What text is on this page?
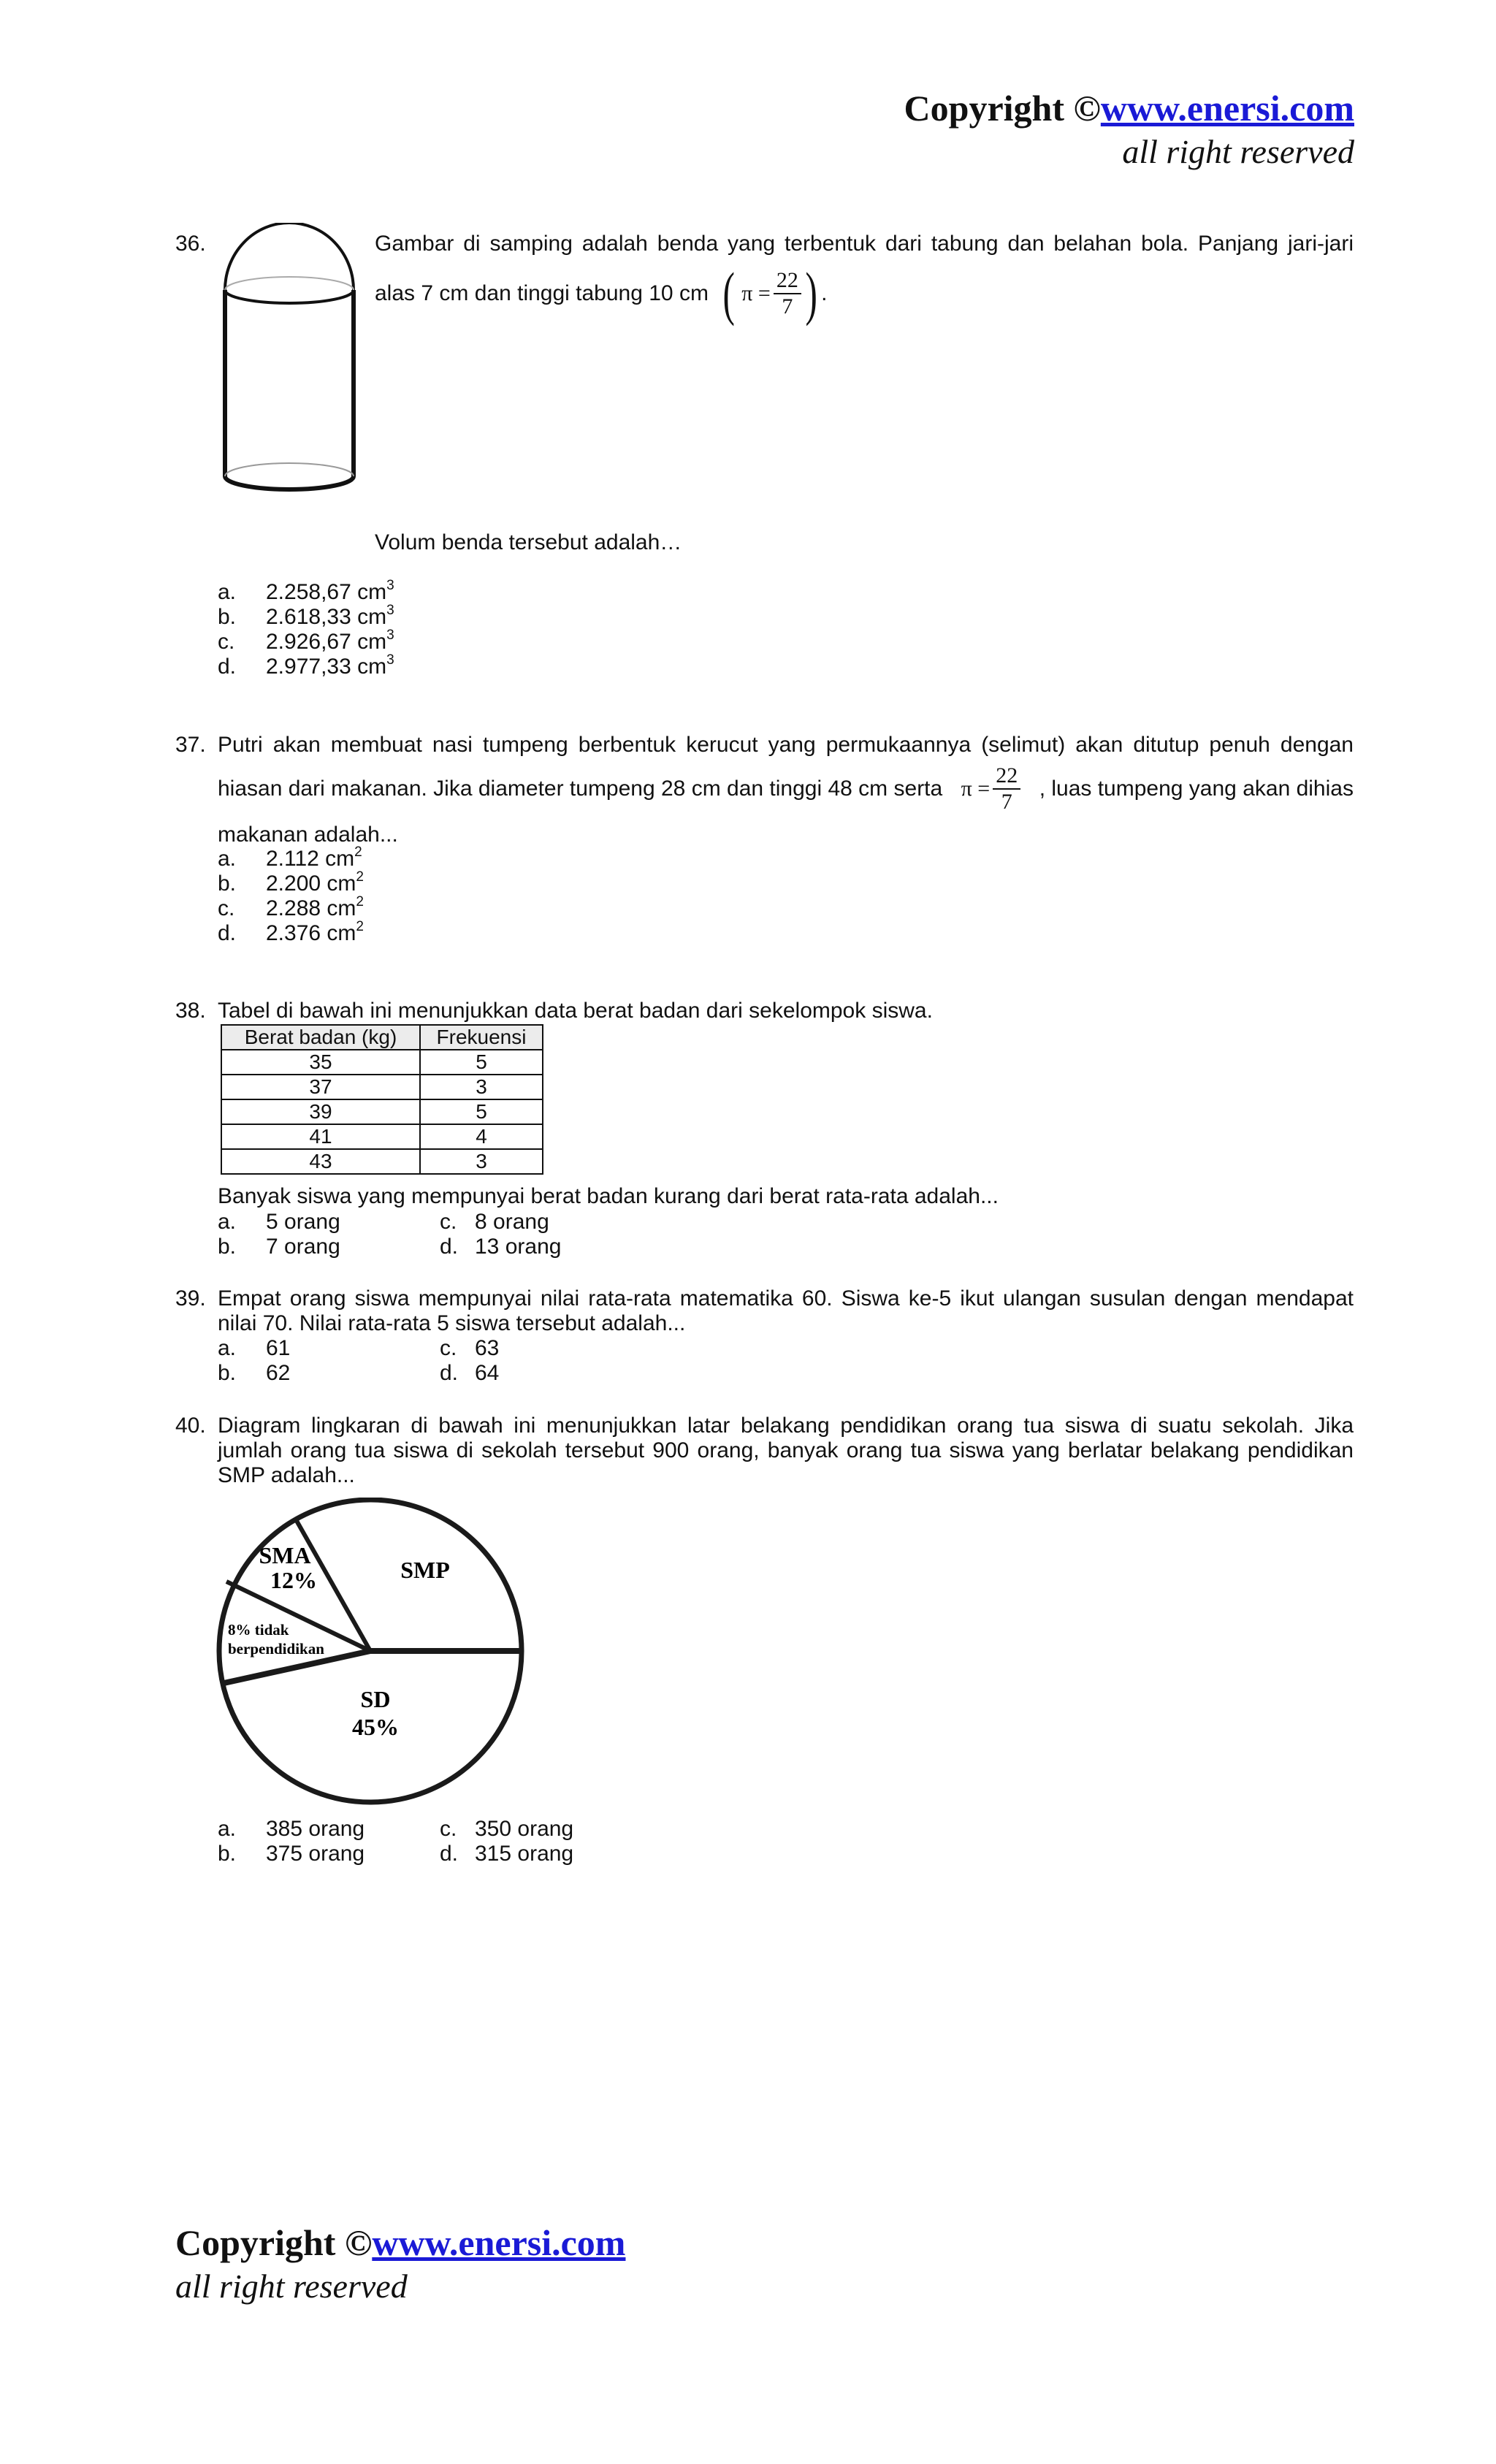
Copyright ©www.enersi.com
all right reserved
36.	Gambar di samping adalah benda yang terbentuk dari tabung dan belahan bola. Panjang jari-jari
alas 7 cm dan tinggi tabung 10 cm ( $\pi = \frac{22}{7}$ ) .
Volum benda tersebut adalah…
a. 2.258,67 $cm^3$
b. 2.618,33 $cm^3$
c. 2.926,67 $cm^3$
d. 2.977,33 $cm^3$
37. Putri akan membuat nasi tumpeng berbentuk kerucut yang permukaannya (selimut) akan ditutup penuh dengan
hiasan dari makanan. Jika diameter tumpeng 28 cm dan tinggi 48 cm serta $\pi = \frac{22}{7}$ , luas tumpeng yang akan dihias
makanan adalah...
a. 2.112 $cm^2$
b. 2.200 $cm^2$
c. 2.288 $cm^2$
d. 2.376 $cm^2$
38. Tabel di bawah ini menunjukkan data berat badan dari sekelompok siswa.
Berat badan (kg)	Frekuensi
35	5
37	3
39	5
41	4
43	3
Banyak siswa yang mempunyai berat badan kurang dari berat rata-rata adalah...
a. 5 orang
b. 7 orang
c. 8 orang
d. 13 orang
39. Empat orang siswa mempunyai nilai rata-rata matematika 60. Siswa ke-5 ikut ulangan susulan dengan mendapat
nilai 70. Nilai rata-rata 5 siswa tersebut adalah...
a. 61
b. 62
c. 63
d. 64
40. Diagram lingkaran di bawah ini menunjukkan latar belakang pendidikan orang tua siswa di suatu sekolah. Jika
jumlah orang tua siswa di sekolah tersebut 900 orang, banyak orang tua siswa yang berlatar belakang pendidikan
SMP adalah...
SMA
12%	SMP
8% tidak
berpendidikan
SD
45%
a. 385 orang
b. 375 orang
c. 350 orang
d. 315 orang
Copyright ©www.enersi.com
all right reserved
